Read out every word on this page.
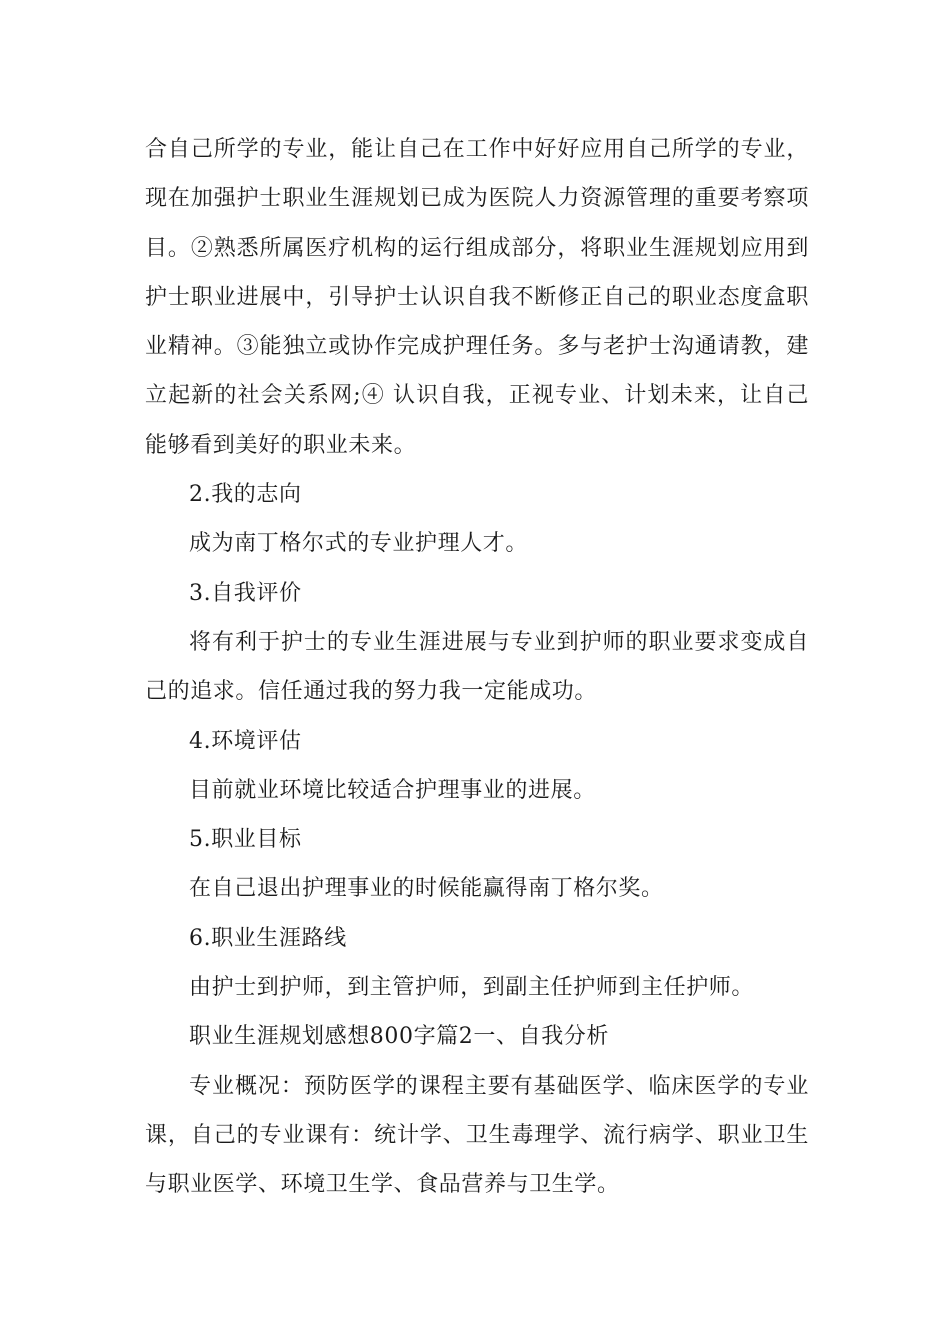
合自己所学的专业，能让自己在工作中好好应用自己所学的专业，现在加强护士职业生涯规划已成为医院人力资源管理的重要考察项目。②熟悉所属医疗机构的运行组成部分，将职业生涯规划应用到护士职业进展中，引导护士认识自我不断修正自己的职业态度盒职业精神。③能独立或协作完成护理任务。多与老护士沟通请教，建立起新的社会关系网;④ 认识自我，正视专业、计划未来，让自己能够看到美好的职业未来。

2.我的志向

成为南丁格尔式的专业护理人才。

3.自我评价

将有利于护士的专业生涯进展与专业到护师的职业要求变成自己的追求。信任通过我的努力我一定能成功。

4.环境评估

目前就业环境比较适合护理事业的进展。

5.职业目标

在自己退出护理事业的时候能赢得南丁格尔奖。

6.职业生涯路线

由护士到护师，到主管护师，到副主任护师到主任护师。

职业生涯规划感想800字篇2一、自我分析

专业概况：预防医学的课程主要有基础医学、临床医学的专业课，自己的专业课有：统计学、卫生毒理学、流行病学、职业卫生与职业医学、环境卫生学、食品营养与卫生学。
